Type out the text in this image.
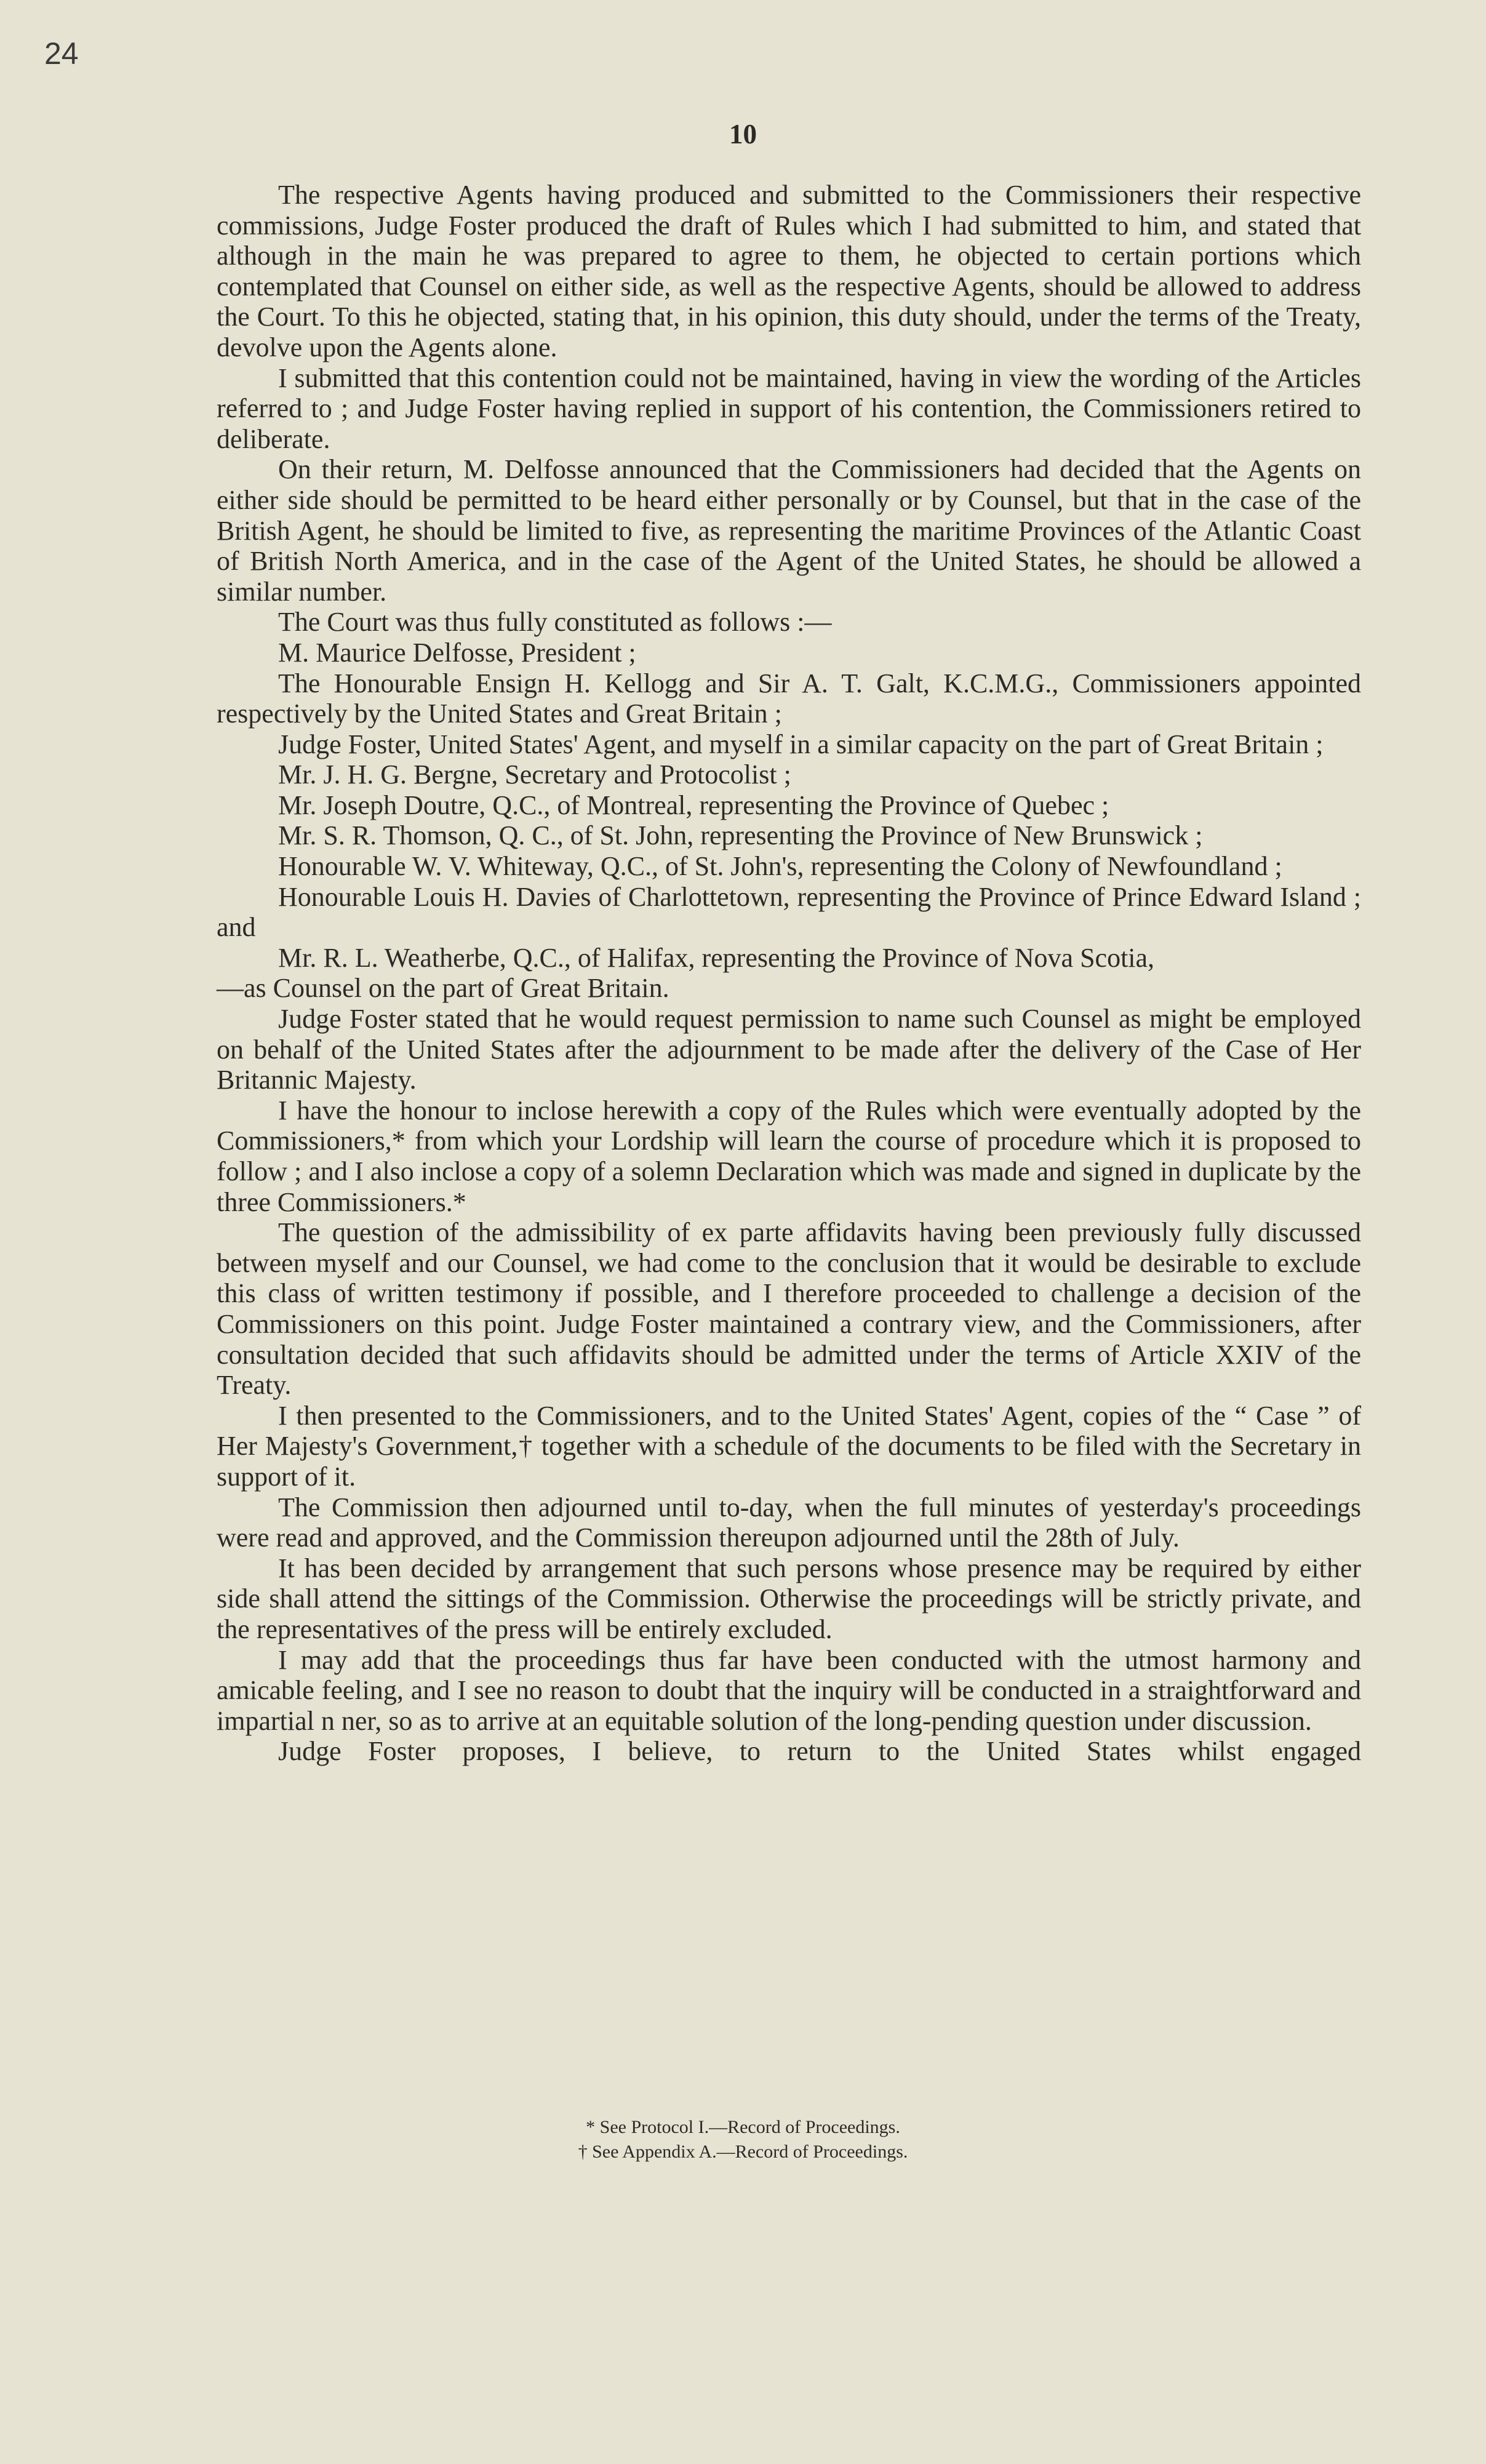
24
10

The respective Agents having produced and submitted to the Commissioners their respective commissions, Judge Foster produced the draft of Rules which I had submitted to him, and stated that although in the main he was prepared to agree to them, he objected to certain portions which contemplated that Counsel on either side, as well as the respective Agents, should be allowed to address the Court. To this he objected, stating that, in his opinion, this duty should, under the terms of the Treaty, devolve upon the Agents alone.

I submitted that this contention could not be maintained, having in view the wording of the Articles referred to ; and Judge Foster having replied in support of his contention, the Commissioners retired to deliberate.

On their return, M. Delfosse announced that the Commissioners had decided that the Agents on either side should be permitted to be heard either personally or by Counsel, but that in the case of the British Agent, he should be limited to five, as representing the maritime Provinces of the Atlantic Coast of British North America, and in the case of the Agent of the United States, he should be allowed a similar number.

The Court was thus fully constituted as follows :—

M. Maurice Delfosse, President ;

The Honourable Ensign H. Kellogg and Sir A. T. Galt, K.C.M.G., Commissioners appointed respectively by the United States and Great Britain ;

Judge Foster, United States' Agent, and myself in a similar capacity on the part of Great Britain ;

Mr. J. H. G. Bergne, Secretary and Protocolist ;

Mr. Joseph Doutre, Q.C., of Montreal, representing the Province of Quebec ;

Mr. S. R. Thomson, Q. C., of St. John, representing the Province of New Brunswick ;

Honourable W. V. Whiteway, Q.C., of St. John's, representing the Colony of Newfoundland ;

Honourable Louis H. Davies of Charlottetown, representing the Province of Prince Edward Island ; and

Mr. R. L. Weatherbe, Q.C., of Halifax, representing the Province of Nova Scotia,

—as Counsel on the part of Great Britain.

Judge Foster stated that he would request permission to name such Counsel as might be employed on behalf of the United States after the adjournment to be made after the delivery of the Case of Her Britannic Majesty.

I have the honour to inclose herewith a copy of the Rules which were eventually adopted by the Commissioners,* from which your Lordship will learn the course of procedure which it is proposed to follow ; and I also inclose a copy of a solemn Declaration which was made and signed in duplicate by the three Commissioners.*

The question of the admissibility of ex parte affidavits having been previously fully discussed between myself and our Counsel, we had come to the conclusion that it would be desirable to exclude this class of written testimony if possible, and I therefore proceeded to challenge a decision of the Commissioners on this point. Judge Foster maintained a contrary view, and the Commissioners, after consultation decided that such affidavits should be admitted under the terms of Article XXIV of the Treaty.

I then presented to the Commissioners, and to the United States' Agent, copies of the “ Case ” of Her Majesty's Government,† together with a schedule of the documents to be filed with the Secretary in support of it.

The Commission then adjourned until to-day, when the full minutes of yesterday's proceedings were read and approved, and the Commission thereupon adjourned until the 28th of July.

It has been decided by arrangement that such persons whose presence may be required by either side shall attend the sittings of the Commission. Otherwise the proceedings will be strictly private, and the representatives of the press will be entirely excluded.

I may add that the proceedings thus far have been conducted with the utmost harmony and amicable feeling, and I see no reason to doubt that the inquiry will be conducted in a straightforward and impartial n ner, so as to arrive at an equitable solution of the long-pending question under discussion.

Judge Foster proposes, I believe, to return to the United States whilst engaged

* See Protocol I.—Record of Proceedings.

† See Appendix A.—Record of Proceedings.
